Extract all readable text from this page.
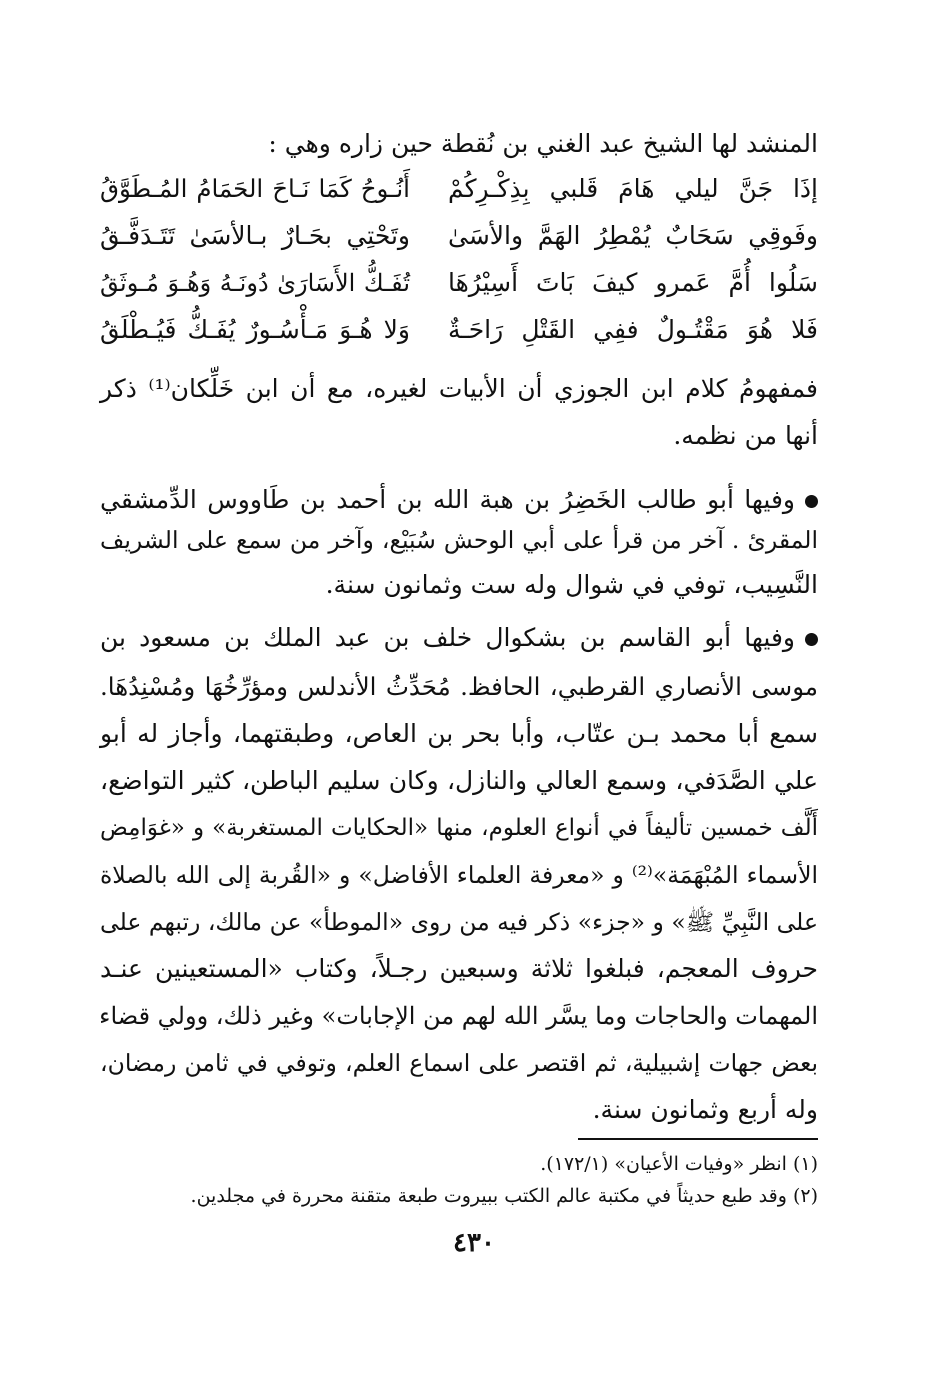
المنشد لها الشيخ عبد الغني بن نُقطة حين زاره وهي :
إذَا جَنَّ ليلي هَامَ قَلبي بِذِكْـرِكُمْ
أَنُـوحُ كَمَا نَـاحَ الحَمَامُ المُـطَوَّقُ
وفَوقِي سَحَابٌ يُمْطِرُ الهَمَّ والأسَىٰ
وتَحْتِي بحَـارٌ بـالأسَىٰ تَتَـدَفَّـقُ
سَلُوا أُمَّ عَمرو كيفَ بَاتَ أَسِيْرُهَا
تُفَـكُّ الأَسَارَىٰ دُونَـهُ وَهُـوَ مُـوثَقُ
فَلا هُوَ مَقْتُـولٌ ففِي القَتْلِ رَاحَـةٌ
وَلا هُـوَ مَـأْسُـورٌ يُفَـكُّ فَيُـطْلَقُ
فمفهومُ كلام ابن الجوزي أن الأبيات لغيره، مع أن ابن خَلِّكان⁽¹⁾ ذكر
أنها من نظمه.
وفيها أبو طالب الخَضِرُ بن هبة الله بن أحمد بن طَاووس الدِّمشقي
المقرئ . آخر من قرأ على أبي الوحش سُبَيْع، وآخر من سمع على الشريف
النَّسِيب، توفي في شوال وله ست وثمانون سنة.
وفيها أبو القاسم بن بشكوال خلف بن عبد الملك بن مسعود بن
موسى الأنصاري القرطبي، الحافظ. مُحَدِّثُ الأندلس ومؤرِّخُهَا ومُسْنِدُهَا.
سمع أبا محمد بـن عتّاب، وأبا بحر بن العاص، وطبقتهما، وأجاز له أبو
علي الصَّدَفي، وسمع العالي والنازل، وكان سليم الباطن، كثير التواضع،
أَلَّف خمسين تأليفاً في أنواع العلوم، منها «الحكايات المستغربة» و «غوَامِض
الأسماء المُبْهَمَة»⁽²⁾ و «معرفة العلماء الأفاضل» و «القُربة إلى الله بالصلاة
على النَّبِيِّ ﷺ» و «جزء» ذكر فيه من روى «الموطأ» عن مالك، رتبهم على
حروف المعجم، فبلغوا ثلاثة وسبعين رجـلاً، وكتاب «المستعينين عنـد
المهمات والحاجات وما يسَّر الله لهم من الإجابات» وغير ذلك، وولي قضاء
بعض جهات إشبيلية، ثم اقتصر على اسماع العلم، وتوفي في ثامن رمضان،
وله أربع وثمانون سنة.
(١) انظر «وفيات الأعيان» (١٧٢/١).
(٢) وقد طبع حديثاً في مكتبة عالم الكتب ببيروت طبعة متقنة محررة في مجلدين.
٤٣٠
